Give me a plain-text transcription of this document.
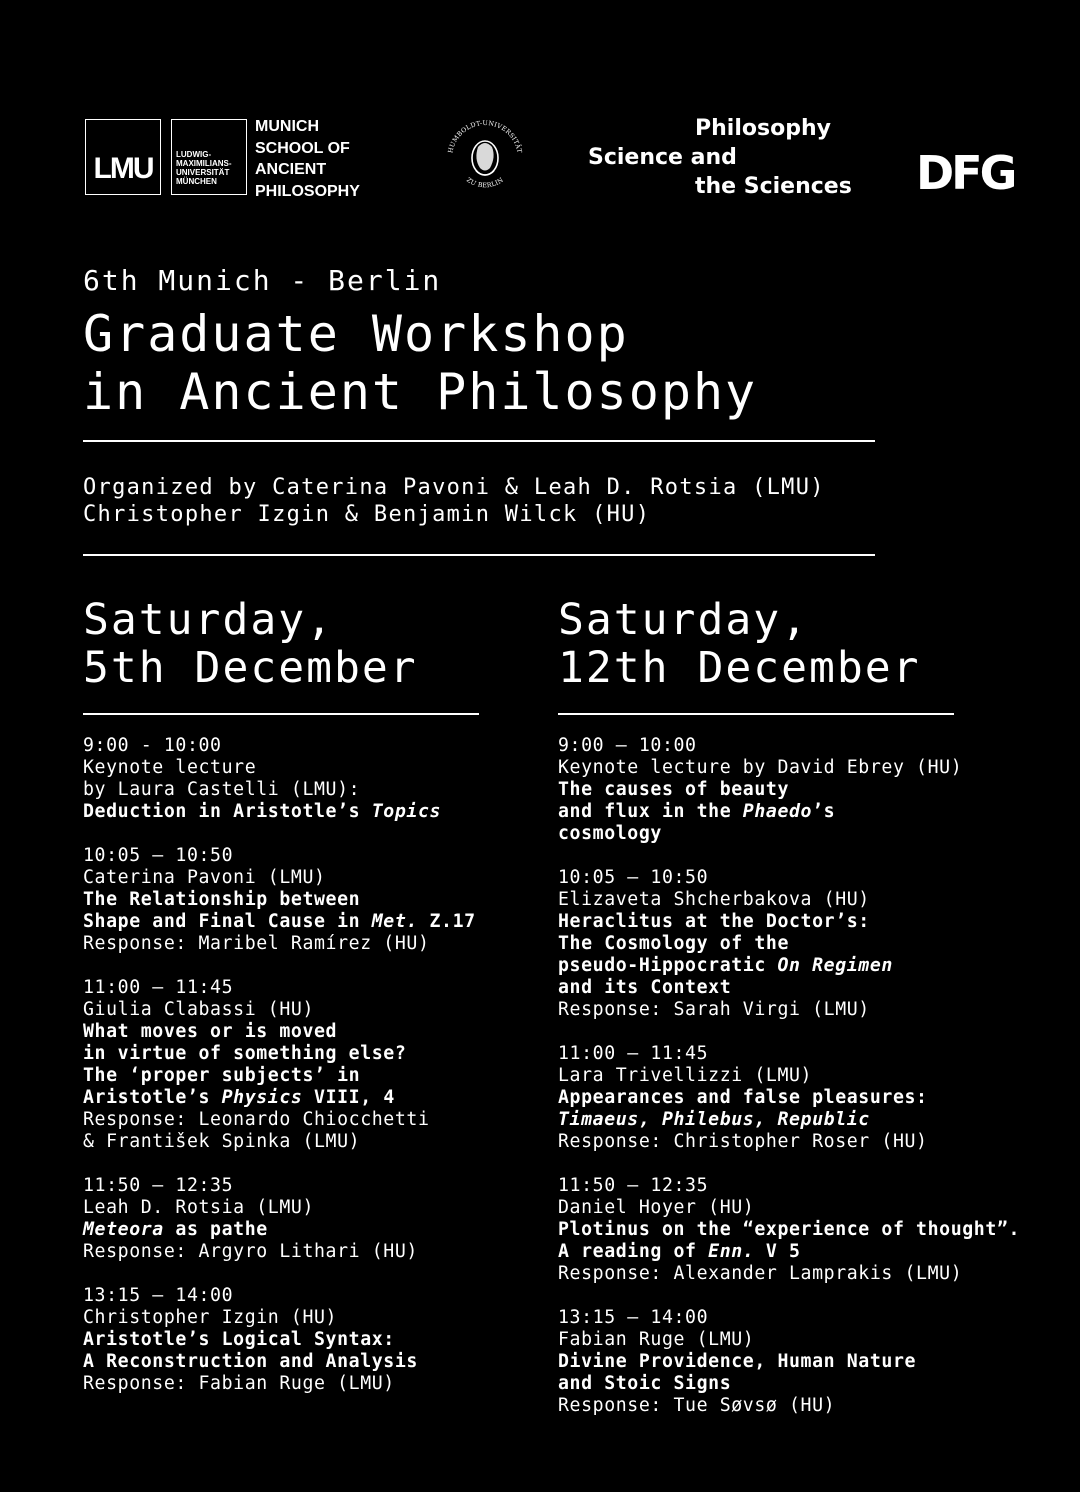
LMU	LUDWIG-
MAXIMILIANS-
UNIVERSITÄT
MÜNCHEN
MUNICH
SCHOOL OF
ANCIENT
PHILOSOPHY
HUMBOLDT-UNIVERSITÄT
ZU BERLIN
Philosophy
Science and
the Sciences DFG
6th Munich - Berlin
Graduate Workshop
in Ancient Philosophy
Organized by Caterina Pavoni & Leah D. Rotsia (LMU)
Christopher Izgin & Benjamin Wilck (HU)
Saturday,
5th December
9:00 - 10:00
Keynote lecture
by Laura Castelli (LMU):
Deduction in Aristotle’s Topics
10:05 – 10:50
Caterina Pavoni (LMU)
The Relationship between
Shape and Final Cause in Met. Z.17
Response: Maribel Ramírez (HU)
11:00 – 11:45
Giulia Clabassi (HU)
What moves or is moved
in virtue of something else?
The ‘proper subjects’ in
Aristotle’s Physics VIII, 4
Response: Leonardo Chiocchetti
& František Spinka (LMU)
11:50 – 12:35
Leah D. Rotsia (LMU)
Meteora as pathe
Response: Argyro Lithari (HU)
13:15 – 14:00
Christopher Izgin (HU)
Aristotle’s Logical Syntax:
A Reconstruction and Analysis
Response: Fabian Ruge (LMU)
Saturday,
12th December
9:00 – 10:00
Keynote lecture by David Ebrey (HU)
The causes of beauty
and flux in the Phaedo’s
cosmology
10:05 – 10:50
Elizaveta Shcherbakova (HU)
Heraclitus at the Doctor’s:
The Cosmology of the
pseudo-Hippocratic On Regimen
and its Context
Response: Sarah Virgi (LMU)
11:00 – 11:45
Lara Trivellizzi (LMU)
Appearances and false pleasures:
Timaeus, Philebus, Republic
Response: Christopher Roser (HU)
11:50 – 12:35
Daniel Hoyer (HU)
Plotinus on the “experience of thought”.
A reading of Enn. V 5
Response: Alexander Lamprakis (LMU)
13:15 – 14:00
Fabian Ruge (LMU)
Divine Providence, Human Nature
and Stoic Signs
Response: Tue Søvsø (HU)
